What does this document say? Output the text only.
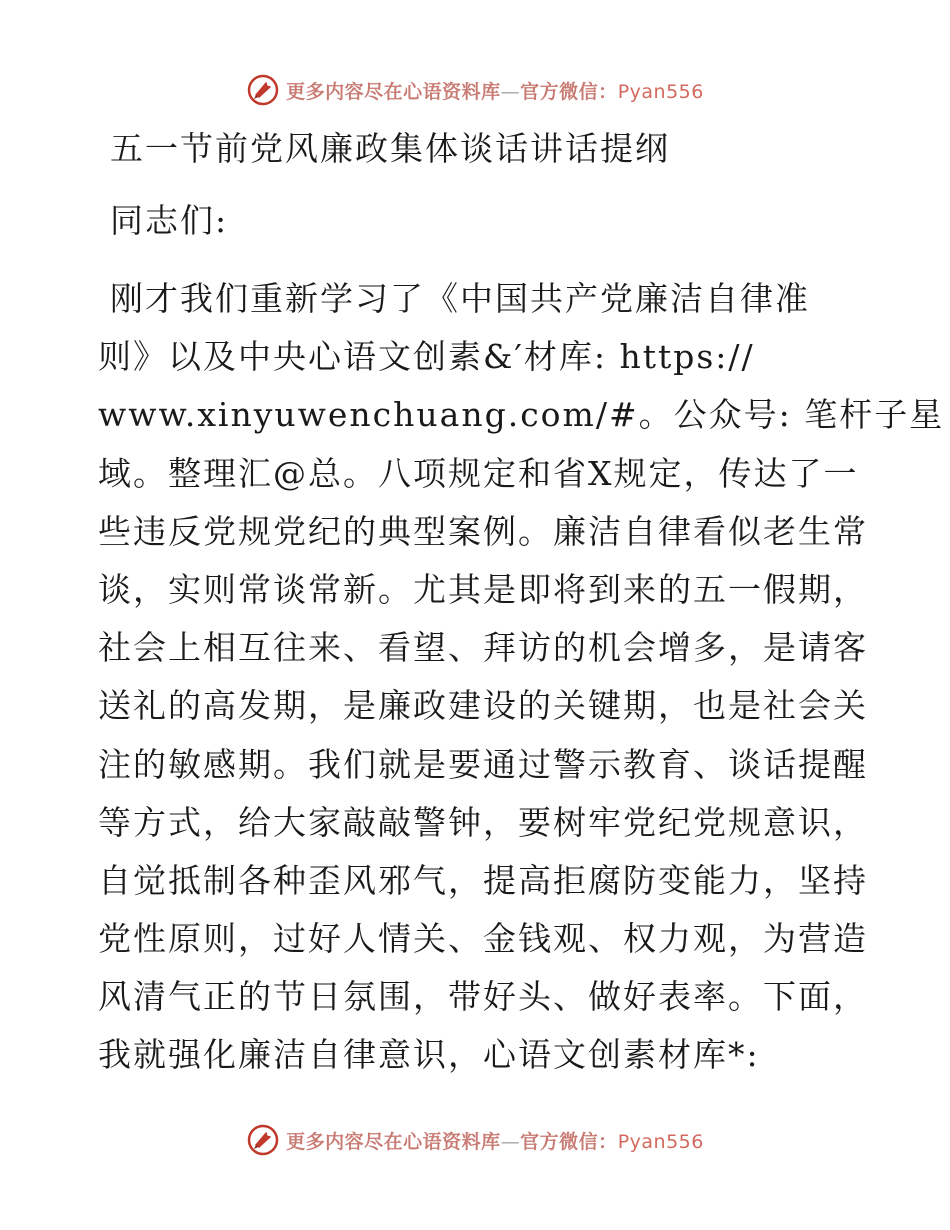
更多内容尽在心语资料库—官方微信：Pyan556
五一节前党风廉政集体谈话讲话提纲
同志们:
刚才我们重新学习了《中国共产党廉洁自律准
则》以及中央心语文创素&′材库: https://
www.xinyuwenchuang.com/#。公众号: 笔杆子星
域。整理汇@总。八项规定和省X规定，传达了一
些违反党规党纪的典型案例。廉洁自律看似老生常
谈，实则常谈常新。尤其是即将到来的五一假期，
社会上相互往来、看望、拜访的机会增多，是请客
送礼的高发期，是廉政建设的关键期，也是社会关
注的敏感期。我们就是要通过警示教育、谈话提醒
等方式，给大家敲敲警钟，要树牢党纪党规意识，
自觉抵制各种歪风邪气，提高拒腐防变能力，坚持
党性原则，过好人情关、金钱观、权力观，为营造
风清气正的节日氛围，带好头、做好表率。下面，
我就强化廉洁自律意识，心语文创素材库*:
更多内容尽在心语资料库—官方微信：Pyan556
